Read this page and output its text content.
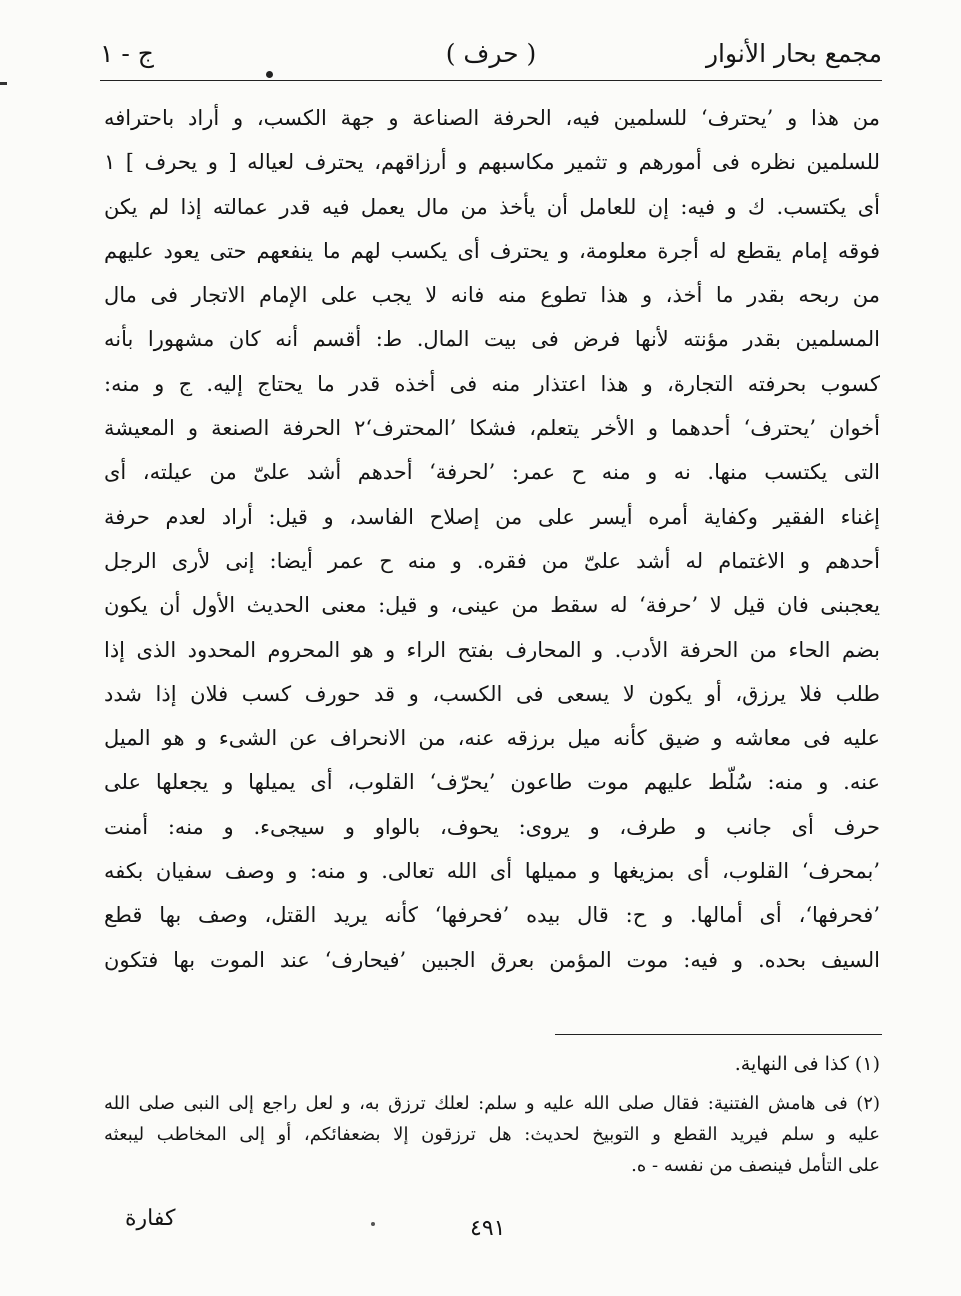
مجمع بحار الأنوار
( حرف )
ج - ١
من هذا و ’يحترف‘ للسلمين فيه، الحرفة الصناعة و جهة الكسب، و أراد باحترافه
للسلمين نظره فى أمورهم و تثمير مكاسبهم و أرزاقهم، يحترف لعياله [ و يحرف ] ١
أى يكتسب. ك و فيه: إن للعامل أن يأخذ من مال يعمل فيه قدر عمالته إذا لم يكن
فوقه إمام يقطع له أجرة معلومة، و يحترف أى يكسب لهم ما ينفعهم حتى يعود عليهم
من ربحه بقدر ما أخذ، و هذا تطوع منه فانه لا يجب على الإمام الاتجار فى مال
المسلمين بقدر مؤنته لأنها فرض فى بيت المال. ط: أقسم أنه كان مشهورا بأنه
كسوب بحرفته التجارة، و هذا اعتذار منه فى أخذه قدر ما يحتاج إليه. ج و منه:
أخوان ’يحترف‘ أحدهما و الأخر يتعلم، فشكا ’المحترف‘٢ الحرفة الصنعة و المعيشة
التى يكتسب منها. نه و منه ح عمر: ’لحرفة‘ أحدهم أشد علىّ من عيلته، أى
إغناء الفقير وكفاية أمره أيسر على من إصلاح الفاسد، و قيل: أراد لعدم حرفة
أحدهم و الاغتمام له أشد علىّ من فقره. و منه ح عمر أيضا: إنى لأرى الرجل
يعجبنى فان قيل لا ’حرفة‘ له سقط من عينى، و قيل: معنى الحديث الأول أن يكون
بضم الحاء من الحرفة الأدب. و المحارف بفتح الراء و هو المحروم المحدود الذى إذا
طلب فلا يرزق، أو يكون لا يسعى فى الكسب، و قد حورف كسب فلان إذا شدد
عليه فى معاشه و ضيق كأنه ميل برزقه عنه، من الانحراف عن الشىء و هو الميل
عنه. و منه: سُلّط عليهم موت طاعون ’يحرّف‘ القلوب، أى يميلها و يجعلها على
حرف أى جانب و طرف، و يروى: يحوف، بالواو و سيجىء. و منه: أمنت
’بمحرف‘ القلوب، أى بمزيغها و مميلها أى الله تعالى. و منه: و وصف سفيان بكفه
’فحرفها‘، أى أمالها. و ح: قال بيده ’فحرفها‘ كأنه يريد القتل، وصف بها قطع
السيف بحده. و فيه: موت المؤمن بعرق الجبين ’فيحارف‘ عند الموت بها فتكون
(١) كذا فى النهاية.
(٢) فى هامش الفتنية: فقال صلى الله عليه و سلم: لعلك ترزق به، و لعل راجع إلى النبى صلى الله
عليه و سلم فيريد القطع و التوبيخ لحديث: هل ترزقون إلا بضعفائكم، أو إلى المخاطب ليبعثه
على التأمل فينصف من نفسه - ه.
كفارة	٤٩١
